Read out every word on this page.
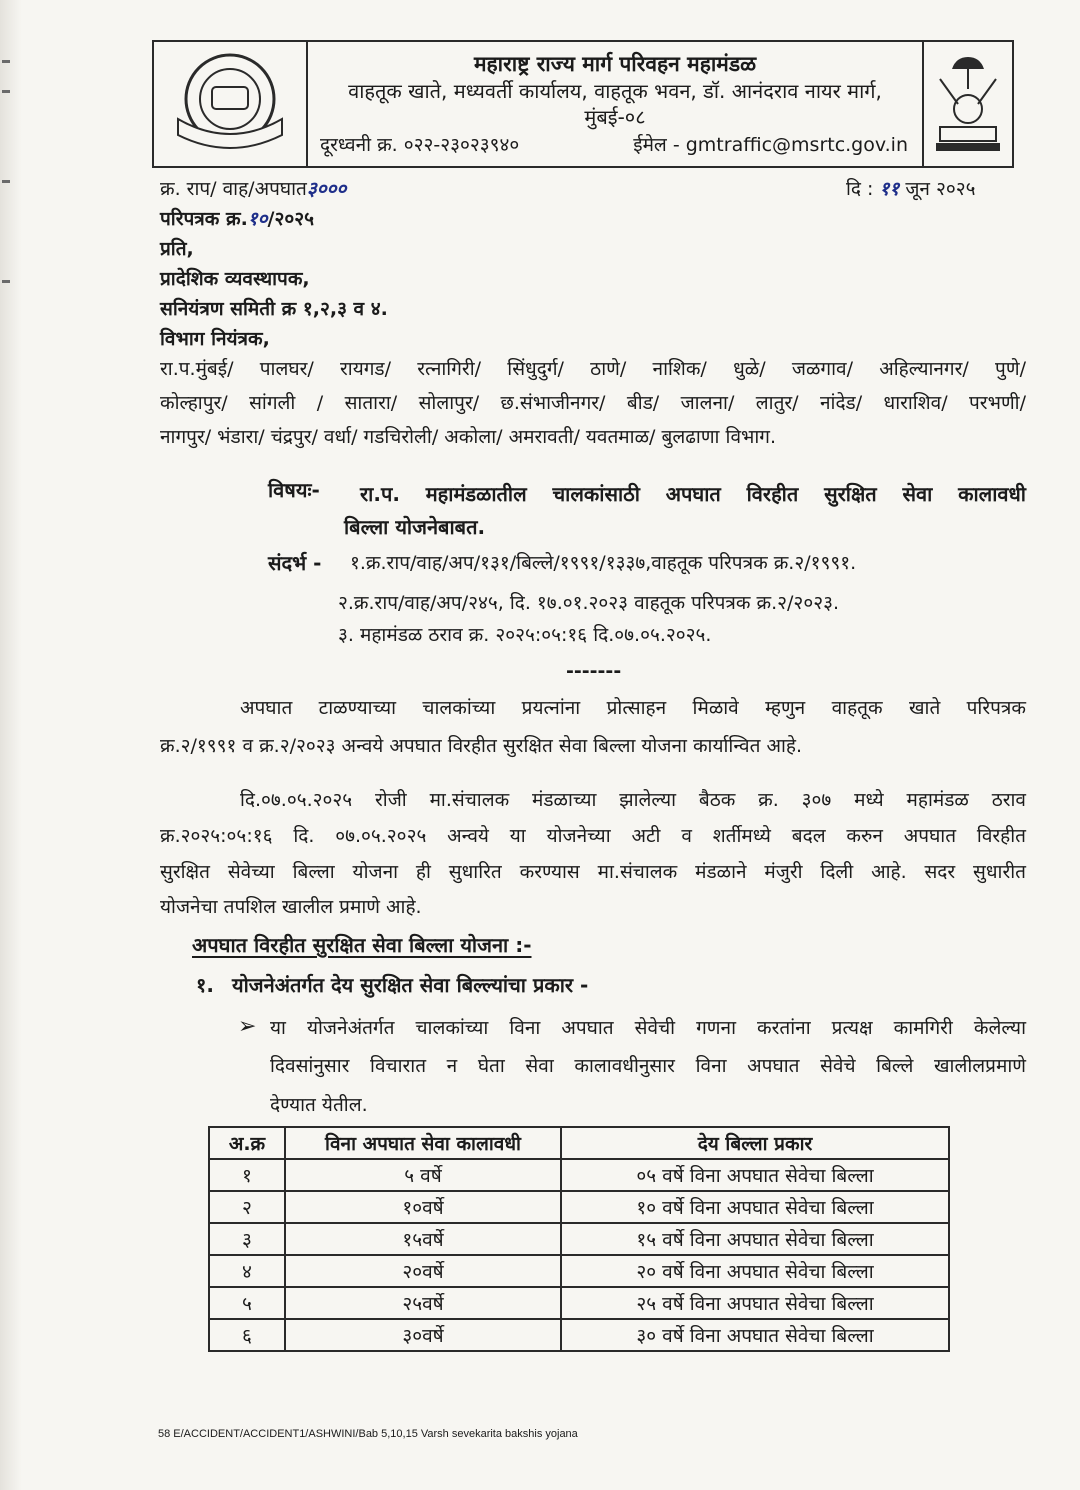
महाराष्ट्र राज्य मार्ग परिवहन महामंडळ
वाहतूक खाते, मध्यवर्ती कार्यालय, वाहतूक भवन, डॉ. आनंदराव नायर मार्ग,
मुंबई-०८
दूरध्वनी क्र. ०२२-२३०२३९४०	ईमेल - gmtraffic@msrtc.gov.in
क्र. राप/ वाह/अपघात३०००	दि : ११ जून २०२५
परिपत्रक क्र.१०/२०२५
प्रति,
प्रादेशिक व्यवस्थापक,
सनियंत्रण समिती क्र १,२,३ व ४.
विभाग नियंत्रक,
रा.प.मुंबई/ पालघर/ रायगड/ रत्नागिरी/ सिंधुदुर्ग/ ठाणे/ नाशिक/ धुळे/ जळगाव/ अहिल्यानगर/ पुणे/
कोल्हापुर/ सांगली / सातारा/ सोलापुर/ छ.संभाजीनगर/ बीड/ जालना/ लातुर/ नांदेड/ धाराशिव/ परभणी/
नागपुर/ भंडारा/ चंद्रपुर/ वर्धा/ गडचिरोली/ अकोला/ अमरावती/ यवतमाळ/ बुलढाणा विभाग.
विषयः- रा.प. महामंडळातील चालकांसाठी अपघात विरहीत सुरक्षित सेवा कालावधी
बिल्ला योजनेबाबत.
संदर्भ - १.क्र.राप/वाह/अप/१३१/बिल्ले/१९९१/१३३७,वाहतूक परिपत्रक क्र.२/१९९१.
२.क्र.राप/वाह/अप/२४५, दि. १७.०१.२०२३ वाहतूक परिपत्रक क्र.२/२०२३.
३. महामंडळ ठराव क्र. २०२५:०५:१६ दि.०७.०५.२०२५.
-------
अपघात टाळण्याच्या चालकांच्या प्रयत्नांना प्रोत्साहन मिळावे म्हणुन वाहतूक खाते परिपत्रक
क्र.२/१९९१ व क्र.२/२०२३ अन्वये अपघात विरहीत सुरक्षित सेवा बिल्ला योजना कार्यान्वित आहे.
दि.०७.०५.२०२५ रोजी मा.संचालक मंडळाच्या झालेल्या बैठक क्र. ३०७ मध्ये महामंडळ ठराव
क्र.२०२५:०५:१६ दि. ०७.०५.२०२५ अन्वये या योजनेच्या अटी व शर्तीमध्ये बदल करुन अपघात विरहीत
सुरक्षित सेवेच्या बिल्ला योजना ही सुधारित करण्यास मा.संचालक मंडळाने मंजुरी दिली आहे. सदर सुधारीत
योजनेचा तपशिल खालील प्रमाणे आहे.
अपघात विरहीत सुरक्षित सेवा बिल्ला योजना :-
१. योजनेअंतर्गत देय सुरक्षित सेवा बिल्ल्यांचा प्रकार -
➢ या योजनेअंतर्गत चालकांच्या विना अपघात सेवेची गणना करतांना प्रत्यक्ष कामगिरी केलेल्या
दिवसांनुसार विचारात न घेता सेवा कालावधीनुसार विना अपघात सेवेचे बिल्ले खालीलप्रमाणे
देण्यात येतील.
अ.क्र	विना अपघात सेवा कालावधी	देय बिल्ला प्रकार
१	५ वर्षे	०५ वर्षे विना अपघात सेवेचा बिल्ला
२	१०वर्षे	१० वर्षे विना अपघात सेवेचा बिल्ला
३	१५वर्षे	१५ वर्षे विना अपघात सेवेचा बिल्ला
४	२०वर्षे	२० वर्षे विना अपघात सेवेचा बिल्ला
५	२५वर्षे	२५ वर्षे विना अपघात सेवेचा बिल्ला
६	३०वर्षे	३० वर्षे विना अपघात सेवेचा बिल्ला
58 E/ACCIDENT/ACCIDENT1/ASHWINI/Bab 5,10,15 Varsh sevekarita bakshis yojana
